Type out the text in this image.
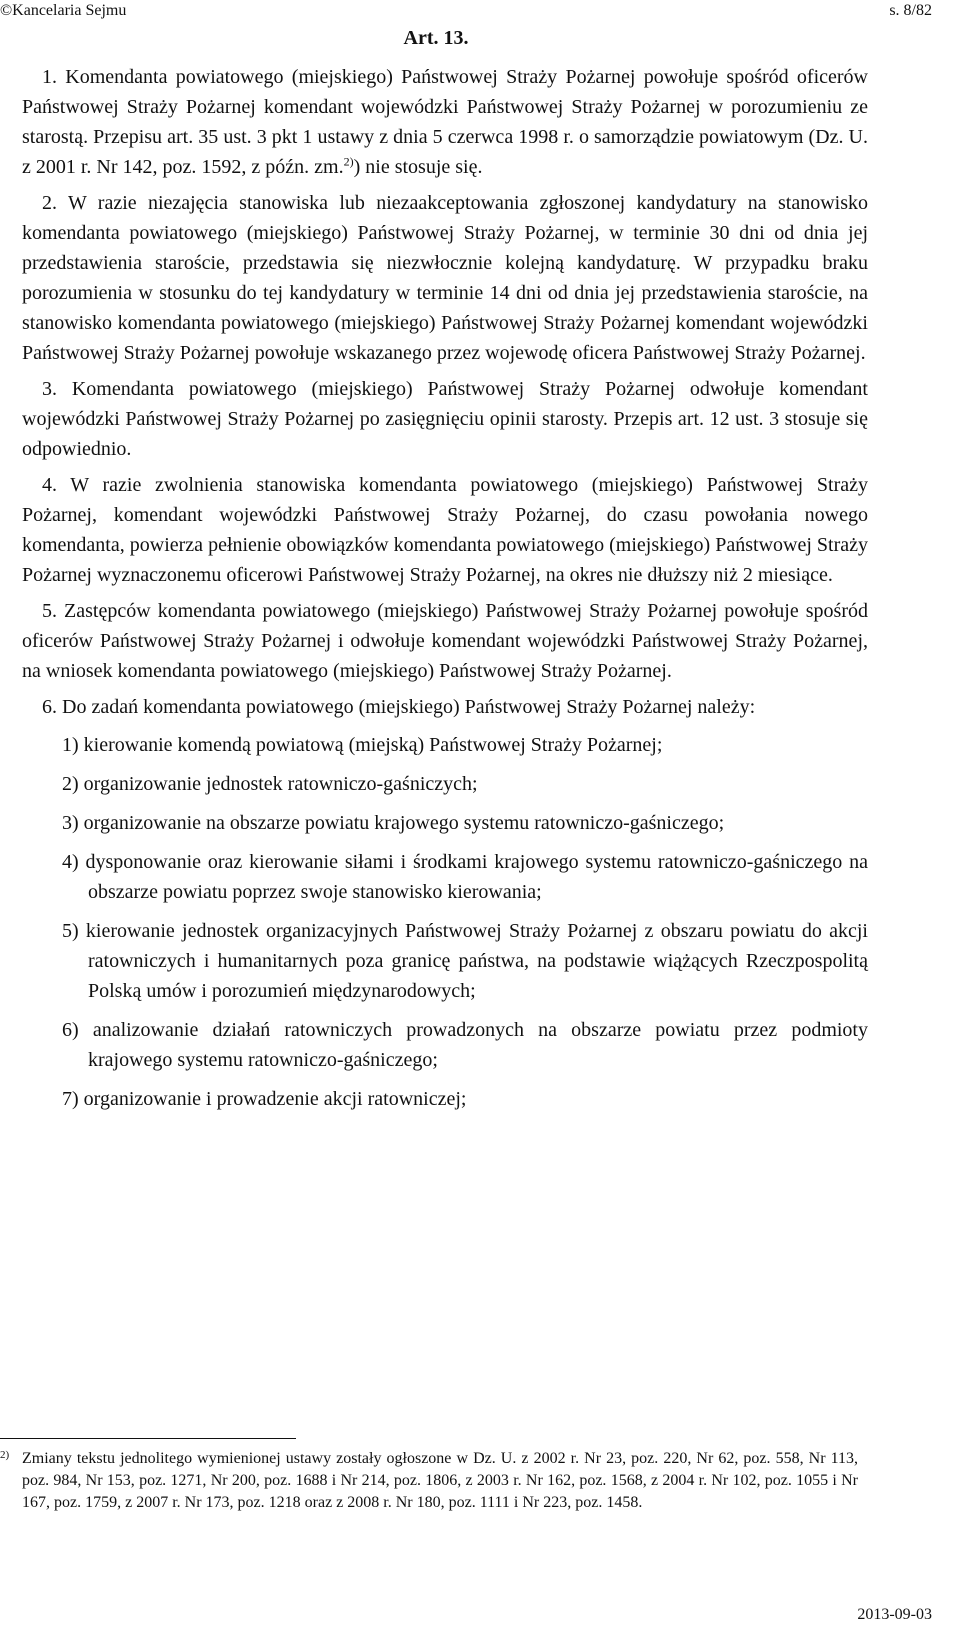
©Kancelaria Sejmu	s. 8/82
Art. 13.

1. Komendanta powiatowego (miejskiego) Państwowej Straży Pożarnej powołuje spośród oficerów Państwowej Straży Pożarnej komendant wojewódzki Państwowej Straży Pożarnej w porozumieniu ze starostą. Przepisu art. 35 ust. 3 pkt 1 ustawy z dnia 5 czerwca 1998 r. o samorządzie powiatowym (Dz. U. z 2001 r. Nr 142, poz. 1592, z późn. zm.$^{2)}$) nie stosuje się.

2. W razie niezajęcia stanowiska lub niezaakceptowania zgłoszonej kandydatury na stanowisko komendanta powiatowego (miejskiego) Państwowej Straży Pożarnej, w terminie 30 dni od dnia jej przedstawienia staroście, przedstawia się niezwłocznie kolejną kandydaturę. W przypadku braku porozumienia w stosunku do tej kandydatury w terminie 14 dni od dnia jej przedstawienia staroście, na stanowisko komendanta powiatowego (miejskiego) Państwowej Straży Pożarnej komendant wojewódzki Państwowej Straży Pożarnej powołuje wskazanego przez wojewodę oficera Państwowej Straży Pożarnej.

3. Komendanta powiatowego (miejskiego) Państwowej Straży Pożarnej odwołuje komendant wojewódzki Państwowej Straży Pożarnej po zasięgnięciu opinii starosty. Przepis art. 12 ust. 3 stosuje się odpowiednio.

4. W razie zwolnienia stanowiska komendanta powiatowego (miejskiego) Państwowej Straży Pożarnej, komendant wojewódzki Państwowej Straży Pożarnej, do czasu powołania nowego komendanta, powierza pełnienie obowiązków komendanta powiatowego (miejskiego) Państwowej Straży Pożarnej wyznaczonemu oficerowi Państwowej Straży Pożarnej, na okres nie dłuższy niż 2 miesiące.

5. Zastępców komendanta powiatowego (miejskiego) Państwowej Straży Pożarnej powołuje spośród oficerów Państwowej Straży Pożarnej i odwołuje komendant wojewódzki Państwowej Straży Pożarnej, na wniosek komendanta powiatowego (miejskiego) Państwowej Straży Pożarnej.

6. Do zadań komendanta powiatowego (miejskiego) Państwowej Straży Pożarnej należy:

1) kierowanie komendą powiatową (miejską) Państwowej Straży Pożarnej;
2) organizowanie jednostek ratowniczo-gaśniczych;
3) organizowanie na obszarze powiatu krajowego systemu ratowniczo-gaśniczego;
4) dysponowanie oraz kierowanie siłami i środkami krajowego systemu ratowniczo-gaśniczego na obszarze powiatu poprzez swoje stanowisko kierowania;
5) kierowanie jednostek organizacyjnych Państwowej Straży Pożarnej z obszaru powiatu do akcji ratowniczych i humanitarnych poza granicę państwa, na podstawie wiążących Rzeczpospolitą Polską umów i porozumień międzynarodowych;
6) analizowanie działań ratowniczych prowadzonych na obszarze powiatu przez podmioty krajowego systemu ratowniczo-gaśniczego;
7) organizowanie i prowadzenie akcji ratowniczej;
2) Zmiany tekstu jednolitego wymienionej ustawy zostały ogłoszone w Dz. U. z 2002 r. Nr 23, poz. 220, Nr 62, poz. 558, Nr 113, poz. 984, Nr 153, poz. 1271, Nr 200, poz. 1688 i Nr 214, poz. 1806, z 2003 r. Nr 162, poz. 1568, z 2004 r. Nr 102, poz. 1055 i Nr 167, poz. 1759, z 2007 r. Nr 173, poz. 1218 oraz z 2008 r. Nr 180, poz. 1111 i Nr 223, poz. 1458.
2013-09-03
